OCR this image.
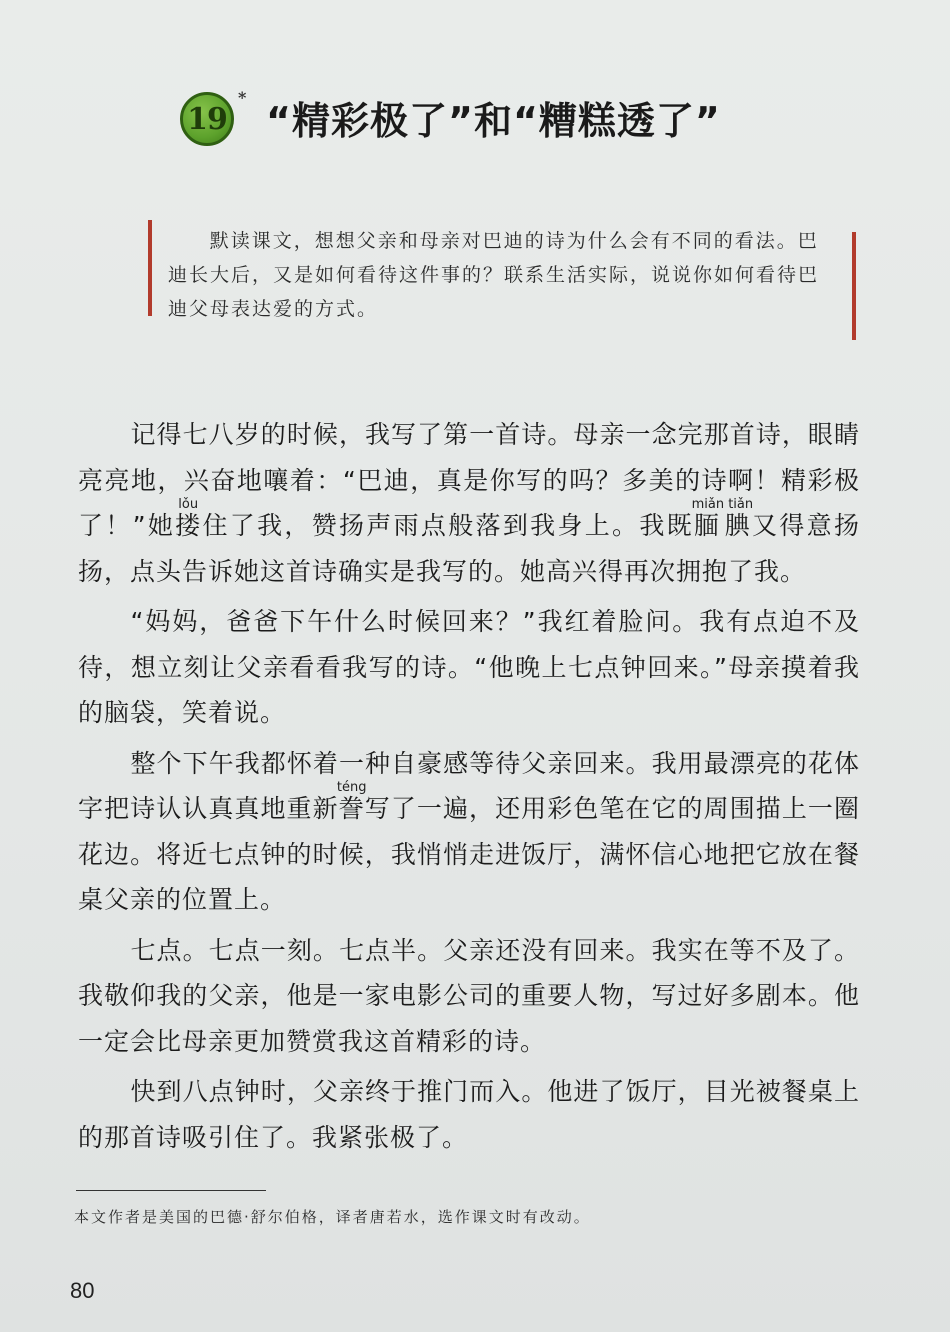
19
*
“精彩极了”和“糟糕透了”
默读课文，想想父亲和母亲对巴迪的诗为什么会有不同的看法。巴迪长大后，又是如何看待这件事的？联系生活实际，说说你如何看待巴迪父母表达爱的方式。

记得七八岁的时候，我写了第一首诗。母亲一念完那首诗，眼睛亮亮地，兴奋地嚷着：“巴迪，真是你写的吗？多美的诗啊！精彩极了！”她搂lǒu住了我，赞扬声雨点般落到我身上。我既腼腆miǎn tiǎn又得意扬扬，点头告诉她这首诗确实是我写的。她高兴得再次拥抱了我。

“妈妈，爸爸下午什么时候回来？”我红着脸问。我有点迫不及待，想立刻让父亲看看我写的诗。“他晚上七点钟回来。”母亲摸着我的脑袋，笑着说。

整个下午我都怀着一种自豪感等待父亲回来。我用最漂亮的花体字把诗认认真真地重新誊téng写了一遍，还用彩色笔在它的周围描上一圈花边。将近七点钟的时候，我悄悄走进饭厅，满怀信心地把它放在餐桌父亲的位置上。

七点。七点一刻。七点半。父亲还没有回来。我实在等不及了。我敬仰我的父亲，他是一家电影公司的重要人物，写过好多剧本。他一定会比母亲更加赞赏我这首精彩的诗。

快到八点钟时，父亲终于推门而入。他进了饭厅，目光被餐桌上的那首诗吸引住了。我紧张极了。

本文作者是美国的巴德·舒尔伯格，译者唐若水，选作课文时有改动。
80
